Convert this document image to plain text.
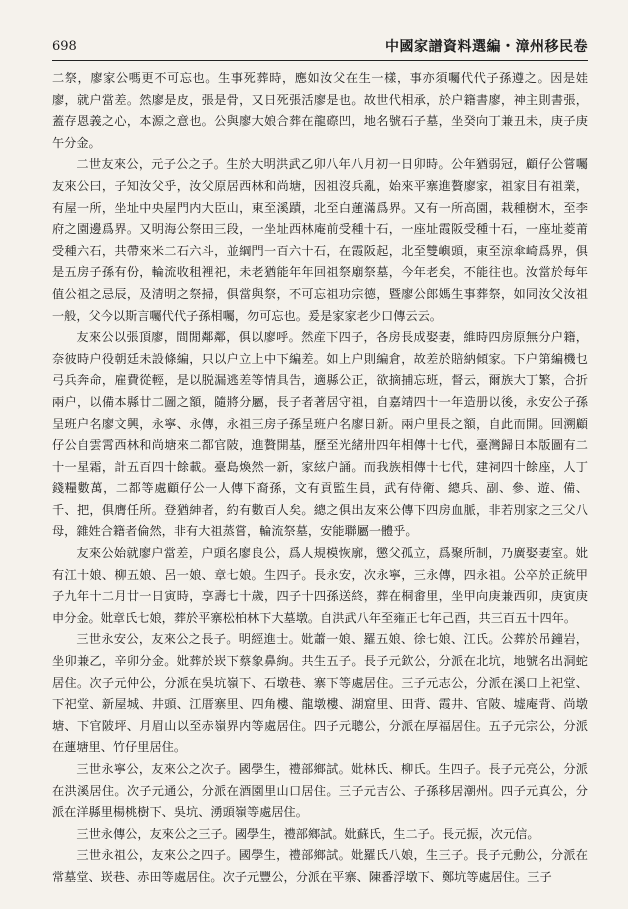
698	中國家譜資料選編・漳州移民卷

二祭，廖家公嗎更不可忘也。生事死葬時，應如汝父在生一樣，事亦須囑代代子孫遵之。因是娃廖，就户當差。然廖是皮，張是骨，又日死張活廖是也。故世代相承，於户籍書廖，神主則書張，蓋存恩義之心，本源之意也。公與廖大娘合葬在龍磜凹，地名號石子墓，坐癸向丁兼丑未，庚子庚午分金。

二世友來公，元子公之子。生於大明洪武乙卯八年八月初一日卯時。公年猶弱冠，顧仔公嘗囑友來公曰，子知汝父乎，汝父原居西林和尚塘，因祖沒兵亂，始來平寨進贅廖家，祖家目有祖業，有屋一所，坐址中央屋門内大臣山，東至溪蹟，北至白蓮滿爲界。又有一所高園，栽種樹木，至李府之園邊爲界。又明海公祭田三段，一坐址西林庵前受種十石，一座址霞阪受種十石，一座址菱莆受種六石，共帶來米二石六斗，並綱門一百六十石，在霞阪起，北至雙嶼頭，東至涼傘崎爲界，俱是五房子孫有份，輪流收租裡祀，未老猶能年年回祖祭廟祭墓，今年老矣，不能往也。汝當於每年值公祖之忌辰，及清明之祭掃，俱當與祭，不可忘祖功宗德，暨廖公郎媽生事葬祭，如同汝父汝祖一般，父今以斯言囑代代子孫相囑，勿可忘也。爰是家家老少口傳云云。

友來公以張頂廖，間閒鄰鄰，俱以廖呼。然産下四子，各房長成娶妻，維時四房原無分户籍，奈彼時户役朝廷未設條編，只以户立上中下編差。如上户則編倉，故差於賠納傾家。下户第編機乜弓兵奔命，雇費從輕，是以脱漏逃差等情具告，適縣公正，欲摘捕忘班，督云，爾族大丁繁，合折兩户，以備本縣廿二圖之額，隨將分屬，長子者著居守祖，自嘉靖四十一年造册以後，永安公子孫呈班户名廖文興，永寧、永傳，永祖三房子孫呈班户名廖日新。兩户里長之額，自此而開。回溯顧仔公自雲霄西林和尚塘來二都官陂，進贅開基，歷至光緒卅四年相傳十七代，臺灣歸日本版圖有二十一星霜，計五百四十餘載。臺島煥然一新，家絃户誦。而我族相傳十七代，建祠四十餘座，人丁錢糧數萬，二都等處顧仔公一人傳下裔孫，文有貢監生員，武有侍衛、總兵、副、參、遊、備、千、把，俱膺任所。登猶紳者，約有數百人矣。總之俱出友來公傳下四房血脈，非若別家之三父八母，雜姓合籍者倫然，非有大祖蒸嘗，輪流祭墓，安能聯屬一體乎。

友來公始就廖户當差，户頭名廖良公，爲人規模恢廓，懲父孤立，爲聚所制，乃廣娶妻室。妣有江十娘、柳五娘、呂一娘、章七娘。生四子。長永安，次永寧，三永傳，四永祖。公卒於正統甲子九年十二月廿一日寅時，享壽七十歲，四子十四孫送終，葬在桐畬里，坐甲向庚兼西卯，庚寅庚申分金。妣章氏七娘，葬於平寨松柏林下大墓墩。自洪武八年至雍正七年己酉，共三百五十四年。

三世永安公，友來公之長子。明經進士。妣蕭一娘、羅五娘、徐七娘、江氏。公葬於吊鐘岩，坐卯兼乙，辛卯分金。妣葬於崁下蔡象鼻絢。共生五子。長子元欽公，分派在北坑，地號名出洞蛇居住。次子元仲公，分派在吳坑嶺下、石墩巷、寨下等處居住。三子元志公，分派在溪口上祀堂、下祀堂、新屋城、井頭、江厝寨里、四角樓、龍墩樓、湖窟里、田背、霞井、官陂、墟庵背、尚墩塘、下官陂坪、月眉山以至赤嶺界内等處居住。四子元聰公，分派在厚福居住。五子元宗公，分派在蓮塘里、竹仔里居住。

三世永寧公，友來公之次子。國學生，禮部鄉試。妣林氏、柳氏。生四子。長子元亮公，分派在洪溪居住。次子元通公，分派在酒園里山口居住。三子元吉公、子孫移居潮州。四子元真公，分派在洋縣里楊桃樹下、吳坑、湧頭嶺等處居住。

三世永傳公，友來公之三子。國學生，禮部鄉試。妣蘇氏，生二子。長元振，次元信。

三世永祖公，友來公之四子。國學生，禮部鄉試。妣羅氏八娘，生三子。長子元勳公，分派在常墓堂、崁巷、赤田等處居住。次子元豐公，分派在平寨、陳番浮墩下、鄭坑等處居住。三子
